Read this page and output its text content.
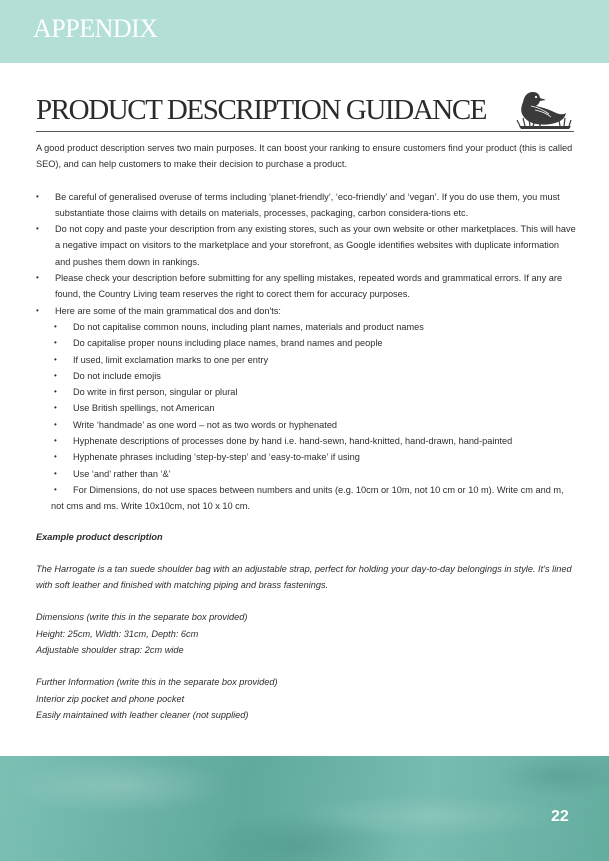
APPENDIX
PRODUCT DESCRIPTION GUIDANCE

A good product description serves two main purposes. It can boost your ranking to ensure customers find your product (this is called SEO), and can help customers to make their decision to purchase a product.

• Be careful of generalised overuse of terms including ‘planet-friendly’, ‘eco-friendly’ and ‘vegan’. If you do use them, you must substantiate those claims with details on materials, processes, packaging, carbon considera-tions etc.
• Do not copy and paste your description from any existing stores, such as your own website or other marketplaces. This will have a negative impact on visitors to the marketplace and your storefront, as Google identifies websites with duplicate information and pushes them down in rankings.
• Please check your description before submitting for any spelling mistakes, repeated words and grammatical errors. If any are found, the Country Living team reserves the right to corect them for accuracy purposes.
• Here are some of the main grammatical dos and don'ts:
• Do not capitalise common nouns, including plant names, materials and product names
• Do capitalise proper nouns including place names, brand names and people
• If used, limit exclamation marks to one per entry
• Do not include emojis
• Do write in first person, singular or plural
• Use British spellings, not American
• Write ‘handmade’ as one word – not as two words or hyphenated
• Hyphenate descriptions of processes done by hand i.e. hand-sewn, hand-knitted, hand-drawn, hand-painted
• Hyphenate phrases including ‘step-by-step’ and ‘easy-to-make’ if using
• Use ‘and’ rather than ‘&’
• For Dimensions, do not use spaces between numbers and units (e.g. 10cm or 10m, not 10 cm or 10 m). Write cm and m, not cms and ms. Write 10x10cm, not 10 x 10 cm.

Example product description

The Harrogate is a tan suede shoulder bag with an adjustable strap, perfect for holding your day-to-day belongings in style. It’s lined with soft leather and finished with matching piping and brass fastenings.

Dimensions (write this in the separate box provided)

Height: 25cm, Width: 31cm, Depth: 6cm

Adjustable shoulder strap: 2cm wide

Further Information (write this in the separate box provided)

Interior zip pocket and phone pocket

Easily maintained with leather cleaner (not supplied)

22
